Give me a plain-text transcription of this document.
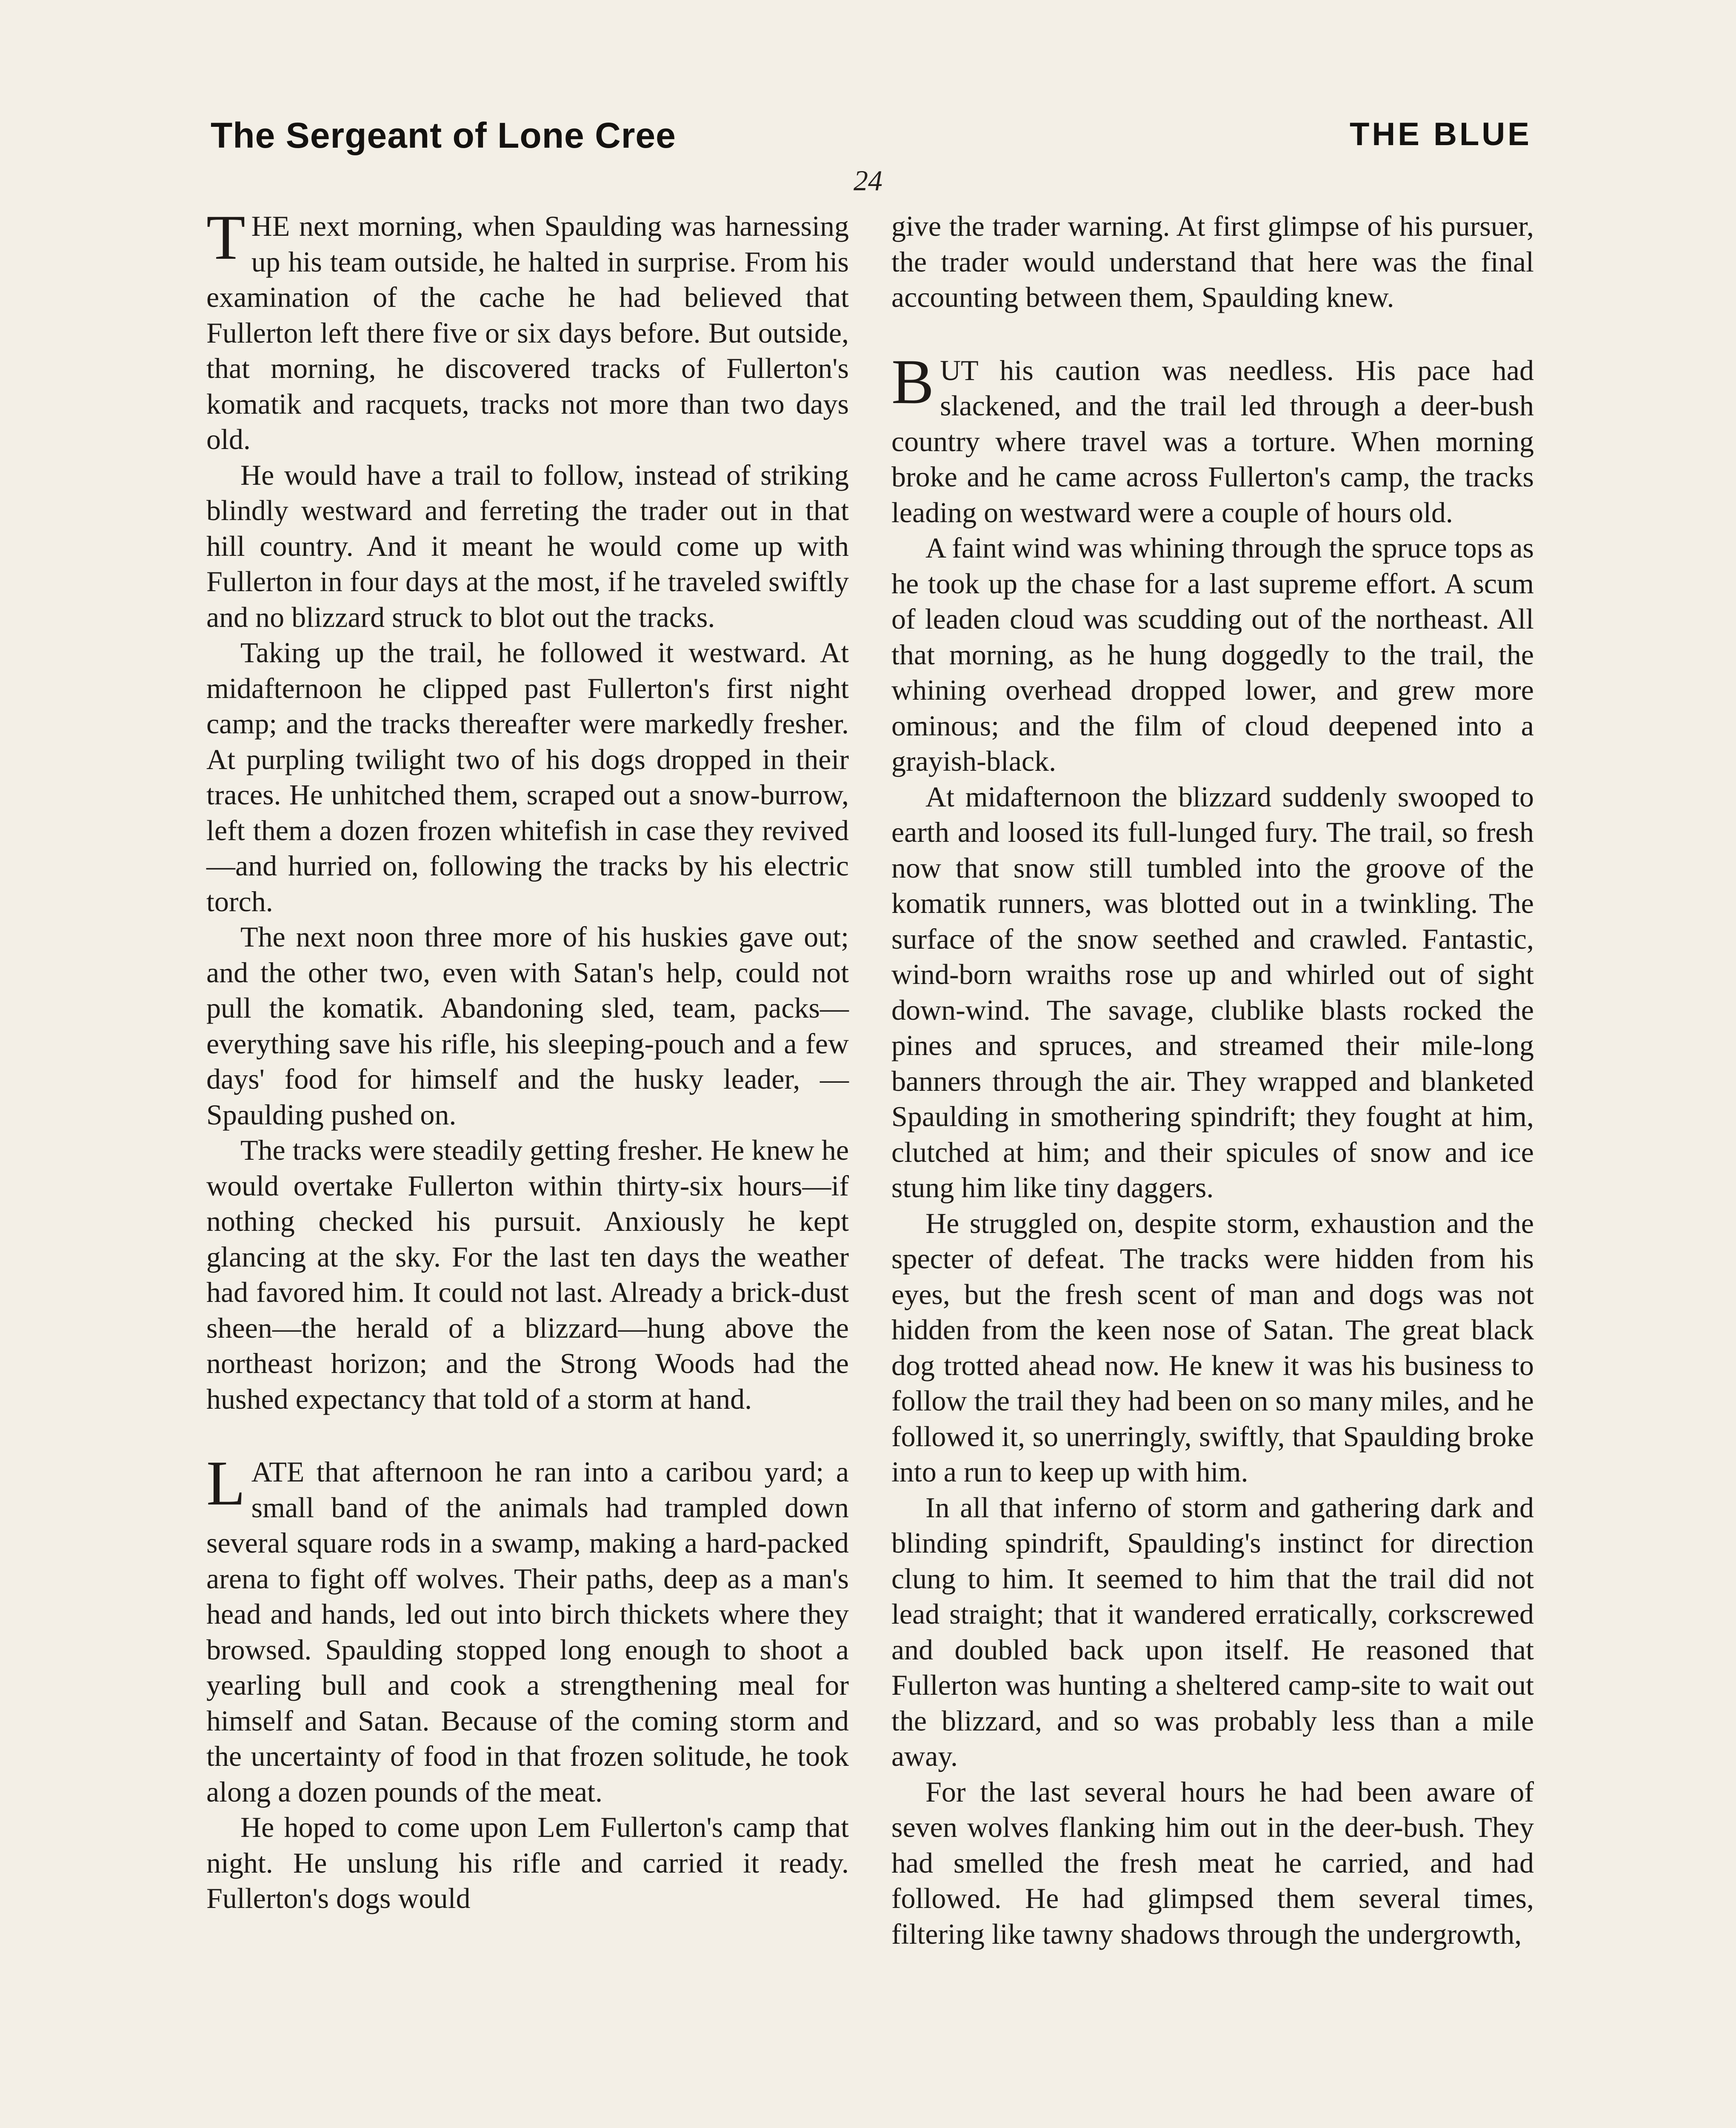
The Sergeant of Lone Cree	THE BLUE
24

THE next morning, when Spaulding was harnessing up his team outside, he halted in surprise. From his examination of the cache he had believed that Fullerton left there five or six days before. But outside, that morning, he discovered tracks of Fullerton's komatik and racquets, tracks not more than two days old.

He would have a trail to follow, instead of striking blindly westward and ferreting the trader out in that hill country. And it meant he would come up with Fullerton in four days at the most, if he traveled swiftly and no blizzard struck to blot out the tracks.

Taking up the trail, he followed it westward. At midafternoon he clipped past Fullerton's first night camp; and the tracks thereafter were markedly fresher. At purpling twilight two of his dogs dropped in their traces. He unhitched them, scraped out a snow-burrow, left them a dozen frozen whitefish in case they revived—and hurried on, following the tracks by his electric torch.

The next noon three more of his huskies gave out; and the other two, even with Satan's help, could not pull the komatik. Abandoning sled, team, packs—everything save his rifle, his sleeping-pouch and a few days' food for himself and the husky leader, —Spaulding pushed on.

The tracks were steadily getting fresher. He knew he would overtake Fullerton within thirty-six hours—if nothing checked his pursuit. Anxiously he kept glancing at the sky. For the last ten days the weather had favored him. It could not last. Already a brick-dust sheen—the herald of a blizzard—hung above the northeast horizon; and the Strong Woods had the hushed expectancy that told of a storm at hand.

LATE that afternoon he ran into a caribou yard; a small band of the animals had trampled down several square rods in a swamp, making a hard-packed arena to fight off wolves. Their paths, deep as a man's head and hands, led out into birch thickets where they browsed. Spaulding stopped long enough to shoot a yearling bull and cook a strengthening meal for himself and Satan. Because of the coming storm and the uncertainty of food in that frozen solitude, he took along a dozen pounds of the meat.

He hoped to come upon Lem Fullerton's camp that night. He unslung his rifle and carried it ready. Fullerton's dogs would

give the trader warning. At first glimpse of his pursuer, the trader would understand that here was the final accounting between them, Spaulding knew.

BUT his caution was needless. His pace had slackened, and the trail led through a deer-bush country where travel was a torture. When morning broke and he came across Fullerton's camp, the tracks leading on westward were a couple of hours old.

A faint wind was whining through the spruce tops as he took up the chase for a last supreme effort. A scum of leaden cloud was scudding out of the northeast. All that morning, as he hung doggedly to the trail, the whining overhead dropped lower, and grew more ominous; and the film of cloud deepened into a grayish-black.

At midafternoon the blizzard suddenly swooped to earth and loosed its full-lunged fury. The trail, so fresh now that snow still tumbled into the groove of the komatik runners, was blotted out in a twinkling. The surface of the snow seethed and crawled. Fantastic, wind-born wraiths rose up and whirled out of sight down-wind. The savage, clublike blasts rocked the pines and spruces, and streamed their mile-long banners through the air. They wrapped and blanketed Spaulding in smothering spindrift; they fought at him, clutched at him; and their spicules of snow and ice stung him like tiny daggers.

He struggled on, despite storm, exhaustion and the specter of defeat. The tracks were hidden from his eyes, but the fresh scent of man and dogs was not hidden from the keen nose of Satan. The great black dog trotted ahead now. He knew it was his business to follow the trail they had been on so many miles, and he followed it, so unerringly, swiftly, that Spaulding broke into a run to keep up with him.

In all that inferno of storm and gathering dark and blinding spindrift, Spaulding's instinct for direction clung to him. It seemed to him that the trail did not lead straight; that it wandered erratically, corkscrewed and doubled back upon itself. He reasoned that Fullerton was hunting a sheltered camp-site to wait out the blizzard, and so was probably less than a mile away.

For the last several hours he had been aware of seven wolves flanking him out in the deer-bush. They had smelled the fresh meat he carried, and had followed. He had glimpsed them several times, filtering like tawny shadows through the undergrowth,
